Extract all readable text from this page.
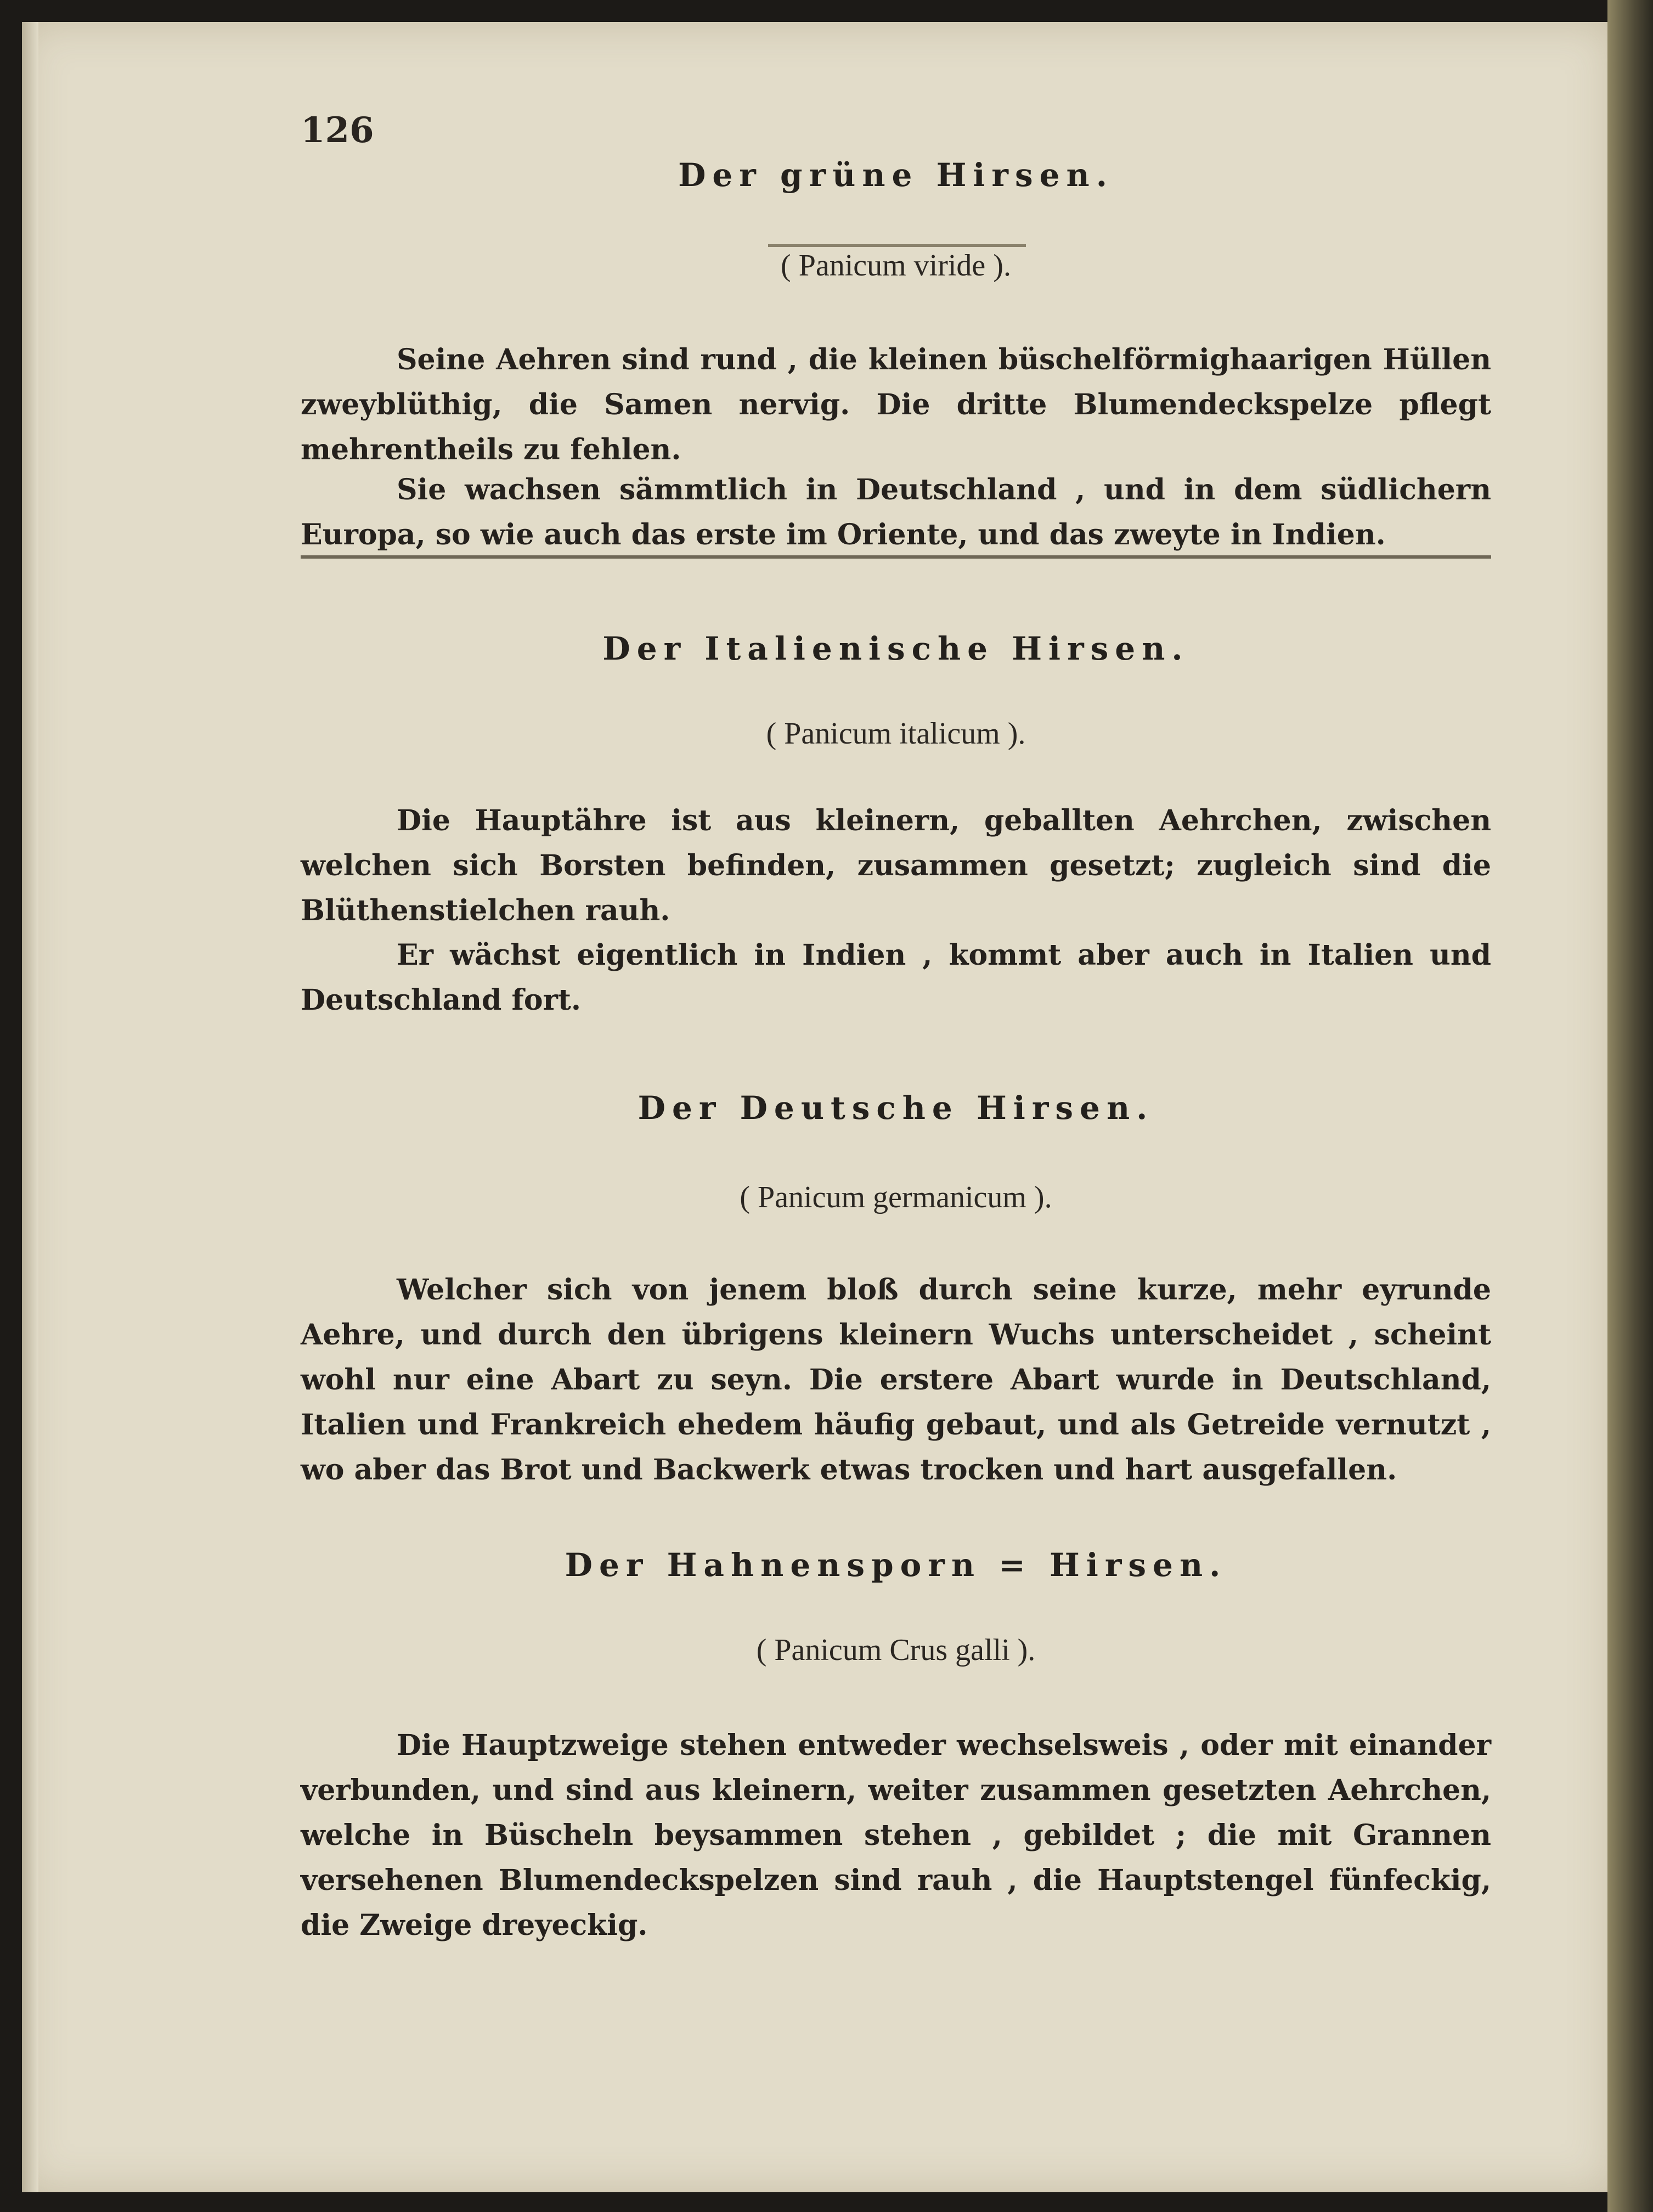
126
Der grüne Hirsen.

( Panicum viride ).

Seine Aehren sind rund , die kleinen büschelförmighaarigen Hüllen zweyblüthig, die Samen nervig. Die dritte Blumendeckspelze pflegt mehrentheils zu fehlen.

Sie wachsen sämmtlich in Deutschland , und in dem südlichern Europa, so wie auch das erste im Oriente, und das zweyte in Indien.

Der Italienische Hirsen.

( Panicum italicum ).

Die Hauptähre ist aus kleinern, geballten Aehrchen, zwischen welchen sich Borsten befinden, zusammen gesetzt; zugleich sind die Blüthenstielchen rauh.

Er wächst eigentlich in Indien , kommt aber auch in Italien und Deutschland fort.

Der Deutsche Hirsen.

( Panicum germanicum ).

Welcher sich von jenem bloß durch seine kurze, mehr eyrunde Aehre, und durch den übrigens kleinern Wuchs unterscheidet , scheint wohl nur eine Abart zu seyn. Die erstere Abart wurde in Deutschland, Italien und Frankreich ehedem häufig gebaut, und als Getreide vernutzt , wo aber das Brot und Backwerk etwas trocken und hart ausgefallen.

Der Hahnensporn = Hirsen.

( Panicum Crus galli ).

Die Hauptzweige stehen entweder wechselsweis , oder mit einander verbunden, und sind aus kleinern, weiter zusammen gesetzten Aehrchen, welche in Büscheln beysammen stehen , gebildet ; die mit Grannen versehenen Blumendeckspelzen sind rauh , die Hauptstengel fünfeckig, die Zweige dreyeckig.
